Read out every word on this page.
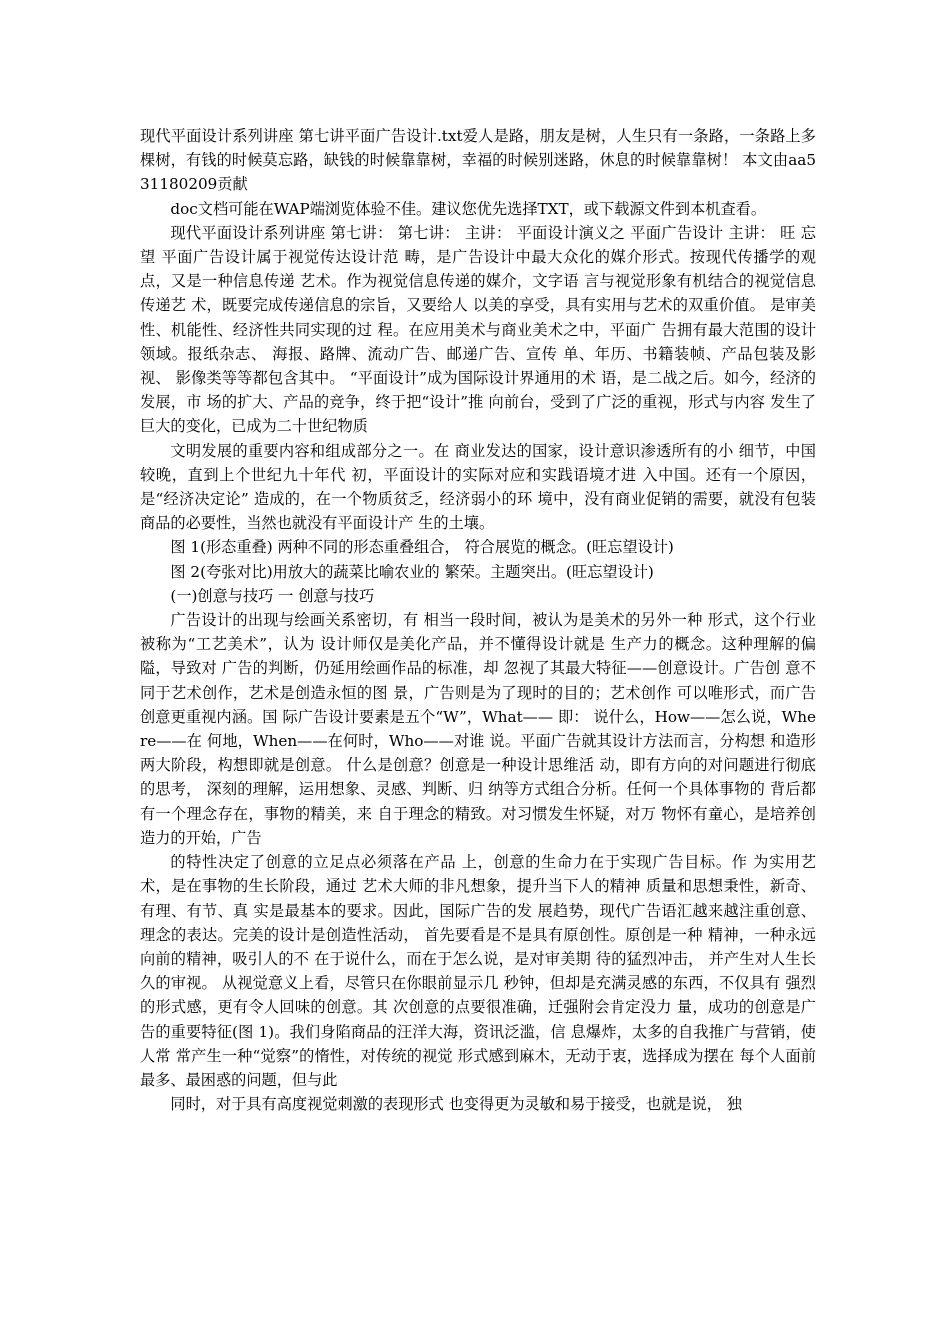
现代平面设计系列讲座 第七讲平面广告设计.txt爱人是路，朋友是树，人生只有一条路，一条路上多棵树，有钱的时候莫忘路，缺钱的时候靠靠树，幸福的时候别迷路，休息的时候靠靠树！ 本文由aa531180209贡献

doc文档可能在WAP端浏览体验不佳。建议您优先选择TXT，或下载源文件到本机查看。

现代平面设计系列讲座 第七讲： 第七讲： 主讲： 平面设计演义之 平面广告设计 主讲： 旺 忘望 平面广告设计属于视觉传达设计范 畴，是广告设计中最大众化的媒介形式。按现代传播学的观点，又是一种信息传递 艺术。作为视觉信息传递的媒介，文字语 言与视觉形象有机结合的视觉信息传递艺 术，既要完成传递信息的宗旨，又要给人 以美的享受，具有实用与艺术的双重价值。 是审美性、机能性、经济性共同实现的过 程。在应用美术与商业美术之中，平面广 告拥有最大范围的设计领域。报纸杂志、 海报、路牌、流动广告、邮递广告、宣传 单、年历、书籍装帧、产品包装及影视、 影像类等等都包含其中。 “平面设计”成为国际设计界通用的术 语，是二战之后。如今，经济的发展，市 场的扩大、产品的竞争，终于把“设计”推 向前台，受到了广泛的重视，形式与内容 发生了巨大的变化，已成为二十世纪物质

文明发展的重要内容和组成部分之一。在 商业发达的国家，设计意识渗透所有的小 细节，中国较晚，直到上个世纪九十年代 初，平面设计的实际对应和实践语境才进 入中国。还有一个原因，是“经济决定论” 造成的，在一个物质贫乏，经济弱小的环 境中，没有商业促销的需要，就没有包装 商品的必要性，当然也就没有平面设计产 生的土壤。

图 1(形态重叠) 两种不同的形态重叠组合， 符合展览的概念。(旺忘望设计)

图 2(夸张对比)用放大的蔬菜比喻农业的 繁荣。主题突出。(旺忘望设计)

(一)创意与技巧 一 创意与技巧

广告设计的出现与绘画关系密切，有 相当一段时间，被认为是美术的另外一种 形式，这个行业被称为“工艺美术”，认为 设计师仅是美化产品，并不懂得设计就是 生产力的概念。这种理解的偏隘，导致对 广告的判断，仍延用绘画作品的标准，却 忽视了其最大特征——创意设计。广告创 意不同于艺术创作，艺术是创造永恒的图 景，广告则是为了现时的目的；艺术创作 可以唯形式，而广告创意更重视内涵。国 际广告设计要素是五个“W”，What—— 即： 说什么，How——怎么说，Where——在 何地，When——在何时，Who——对谁 说。平面广告就其设计方法而言，分构想 和造形两大阶段，构想即就是创意。 什么是创意？创意是一种设计思维活 动，即有方向的对问题进行彻底的思考， 深刻的理解，运用想象、灵感、判断、归 纳等方式组合分析。任何一个具体事物的 背后都有一个理念存在，事物的精美，来 自于理念的精致。对习惯发生怀疑，对万 物怀有童心，是培养创造力的开始，广告

的特性决定了创意的立足点必须落在产品 上，创意的生命力在于实现广告目标。作 为实用艺术，是在事物的生长阶段，通过 艺术大师的非凡想象，提升当下人的精神 质量和思想秉性，新奇、有理、有节、真 实是最基本的要求。因此，国际广告的发 展趋势，现代广告语汇越来越注重创意、 理念的表达。完美的设计是创造性活动， 首先要看是不是具有原创性。原创是一种 精神，一种永远向前的精神，吸引人的不 在于说什么，而在于怎么说，是对审美期 待的猛烈冲击， 并产生对人生长久的审视。 从视觉意义上看，尽管只在你眼前显示几 秒钟，但却是充满灵感的东西，不仅具有 强烈的形式感，更有令人回味的创意。其 次创意的点要很准确，迁强附会肯定没力 量，成功的创意是广告的重要特征(图 1)。我们身陷商品的汪洋大海，资讯泛滥，信 息爆炸，太多的自我推广与营销，使人常 常产生一种“觉察”的惰性，对传统的视觉 形式感到麻木，无动于衷，选择成为摆在 每个人面前最多、最困惑的问题，但与此

同时，对于具有高度视觉刺激的表现形式 也变得更为灵敏和易于接受，也就是说， 独
